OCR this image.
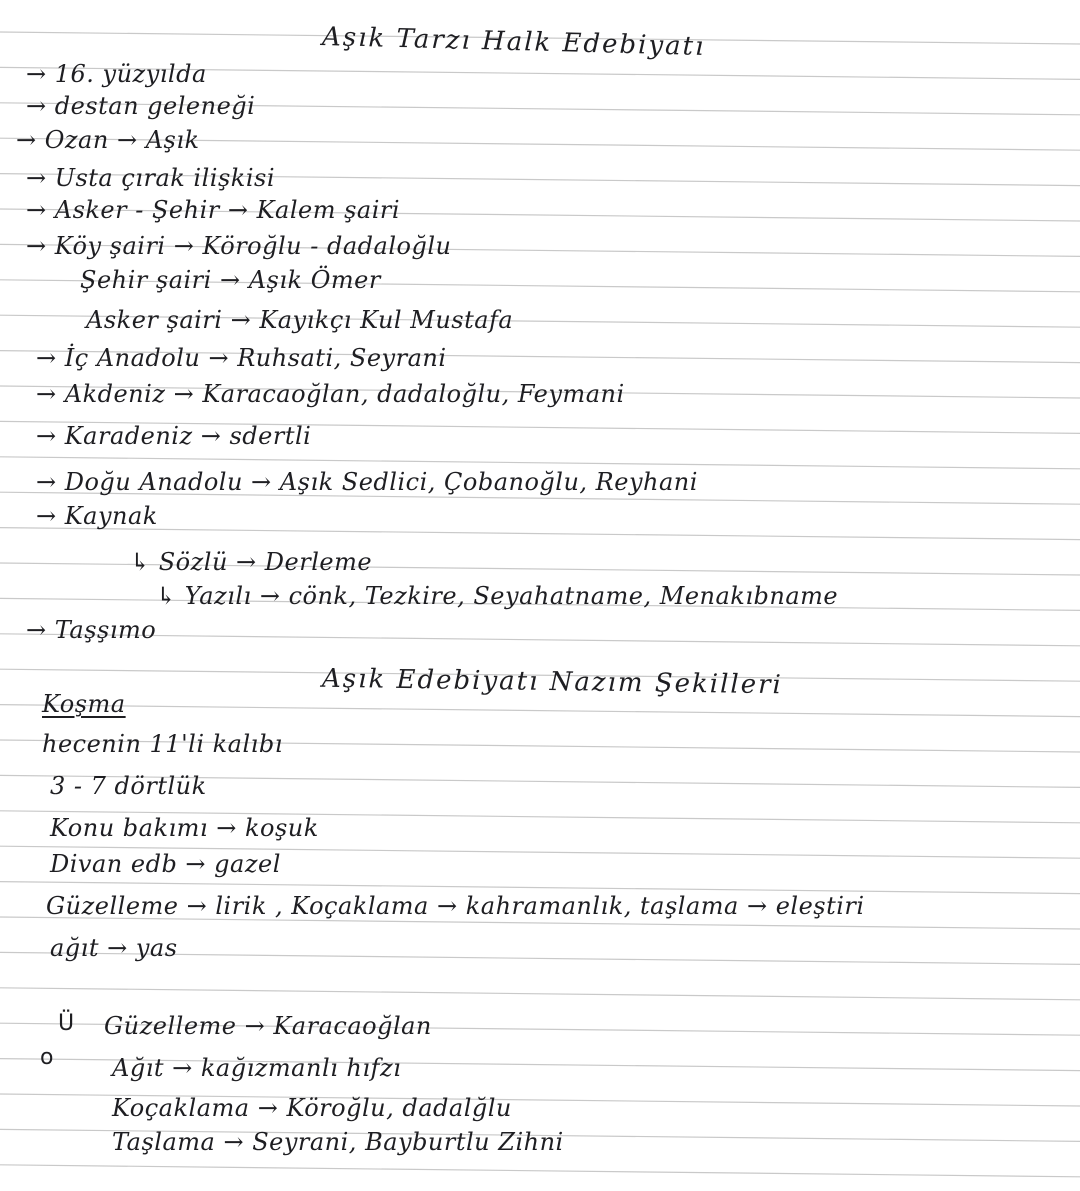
Aşık Tarzı Halk Edebiyatı
→ 16. yüzyılda
→ destan geleneği
→ Ozan → Aşık
→ Usta çırak ilişkisi
→ Asker - Şehir → Kalem şairi
→ Köy şairi → Köroğlu - dadaloğlu
Şehir şairi → Aşık Ömer
Asker şairi → Kayıkçı Kul Mustafa
→ İç Anadolu → Ruhsati, Seyrani
→ Akdeniz → Karacaoğlan, dadaloğlu, Feymani
→ Karadeniz → sdertli
→ Doğu Anadolu → Aşık Sedlici, Çobanoğlu, Reyhani
→ Kaynak
↳ Sözlü → Derleme
↳ Yazılı → cönk, Tezkire, Seyahatname, Menakıbname
→ Taşşımo
Aşık Edebiyatı Nazım Şekilleri
Koşma
hecenin 11'li kalıbı
3 - 7 dörtlük
Konu bakımı → koşuk
Divan edb → gazel
Güzelleme → lirik , Koçaklama → kahramanlık, taşlama → eleştiri
ağıt → yas
Ü
o
Güzelleme → Karacaoğlan
Ağıt → kağızmanlı hıfzı
Koçaklama → Köroğlu, dadalğlu
Taşlama → Seyrani, Bayburtlu Zihni
